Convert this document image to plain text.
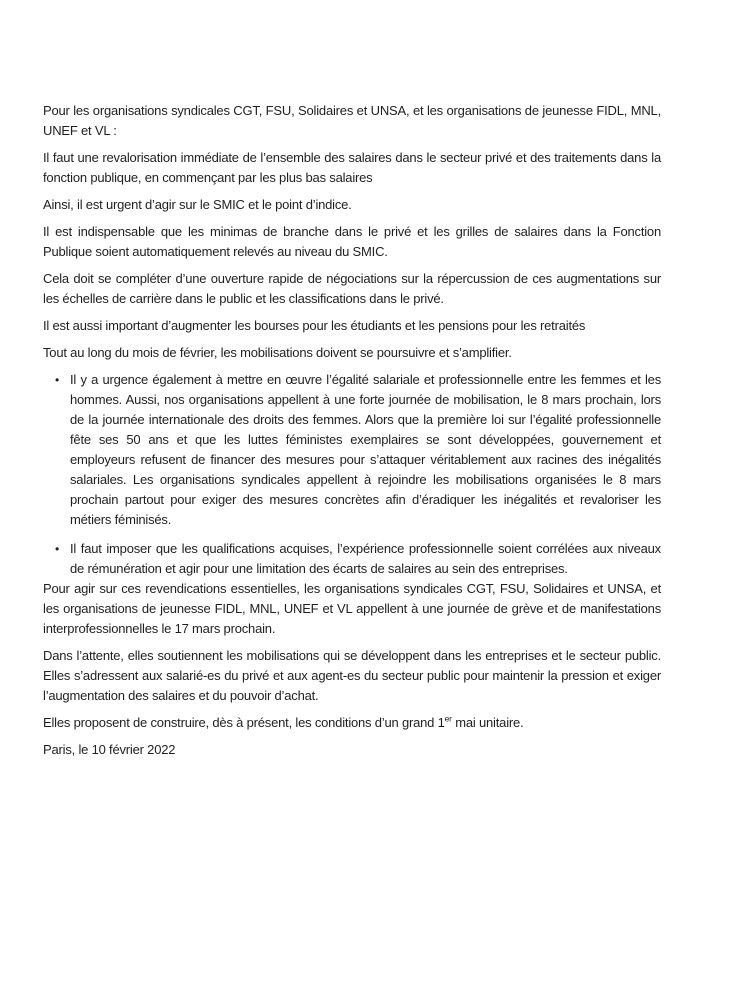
Pour les organisations syndicales CGT, FSU, Solidaires et UNSA, et les organisations de jeunesse FIDL, MNL, UNEF et VL :

Il faut une revalorisation immédiate de l’ensemble des salaires dans le secteur privé et des traitements dans la fonction publique, en commençant par les plus bas salaires

Ainsi, il est urgent d’agir sur le SMIC et le point d’indice.

Il est indispensable que les minimas de branche dans le privé et les grilles de salaires dans la Fonction Publique soient automatiquement relevés au niveau du SMIC.

Cela doit se compléter d’une ouverture rapide de négociations sur la répercussion de ces augmentations sur les échelles de carrière dans le public et les classifications dans le privé.

Il est aussi important d’augmenter les bourses pour les étudiants et les pensions pour les retraités

Tout au long du mois de février, les mobilisations doivent se poursuivre et s’amplifier.

• Il y a urgence également à mettre en œuvre l’égalité salariale et professionnelle entre les femmes et les hommes. Aussi, nos organisations appellent à une forte journée de mobilisation, le 8 mars prochain, lors de la journée internationale des droits des femmes. Alors que la première loi sur l’égalité professionnelle fête ses 50 ans et que les luttes féministes exemplaires se sont développées, gouvernement et employeurs refusent de financer des mesures pour s’attaquer véritablement aux racines des inégalités salariales. Les organisations syndicales appellent à rejoindre les mobilisations organisées le 8 mars prochain partout pour exiger des mesures concrètes afin d’éradiquer les inégalités et revaloriser les métiers féminisés.
• Il faut imposer que les qualifications acquises, l’expérience professionnelle soient corrélées aux niveaux de rémunération et agir pour une limitation des écarts de salaires au sein des entreprises.

Pour agir sur ces revendications essentielles, les organisations syndicales CGT, FSU, Solidaires et UNSA, et les organisations de jeunesse FIDL, MNL, UNEF et VL appellent à une journée de grève et de manifestations interprofessionnelles le 17 mars prochain.

Dans l’attente, elles soutiennent les mobilisations qui se développent dans les entreprises et le secteur public. Elles s’adressent aux salarié-es du privé et aux agent-es du secteur public pour maintenir la pression et exiger l’augmentation des salaires et du pouvoir d’achat.

Elles proposent de construire, dès à présent, les conditions d’un grand 1er mai unitaire.

Paris, le 10 février 2022
